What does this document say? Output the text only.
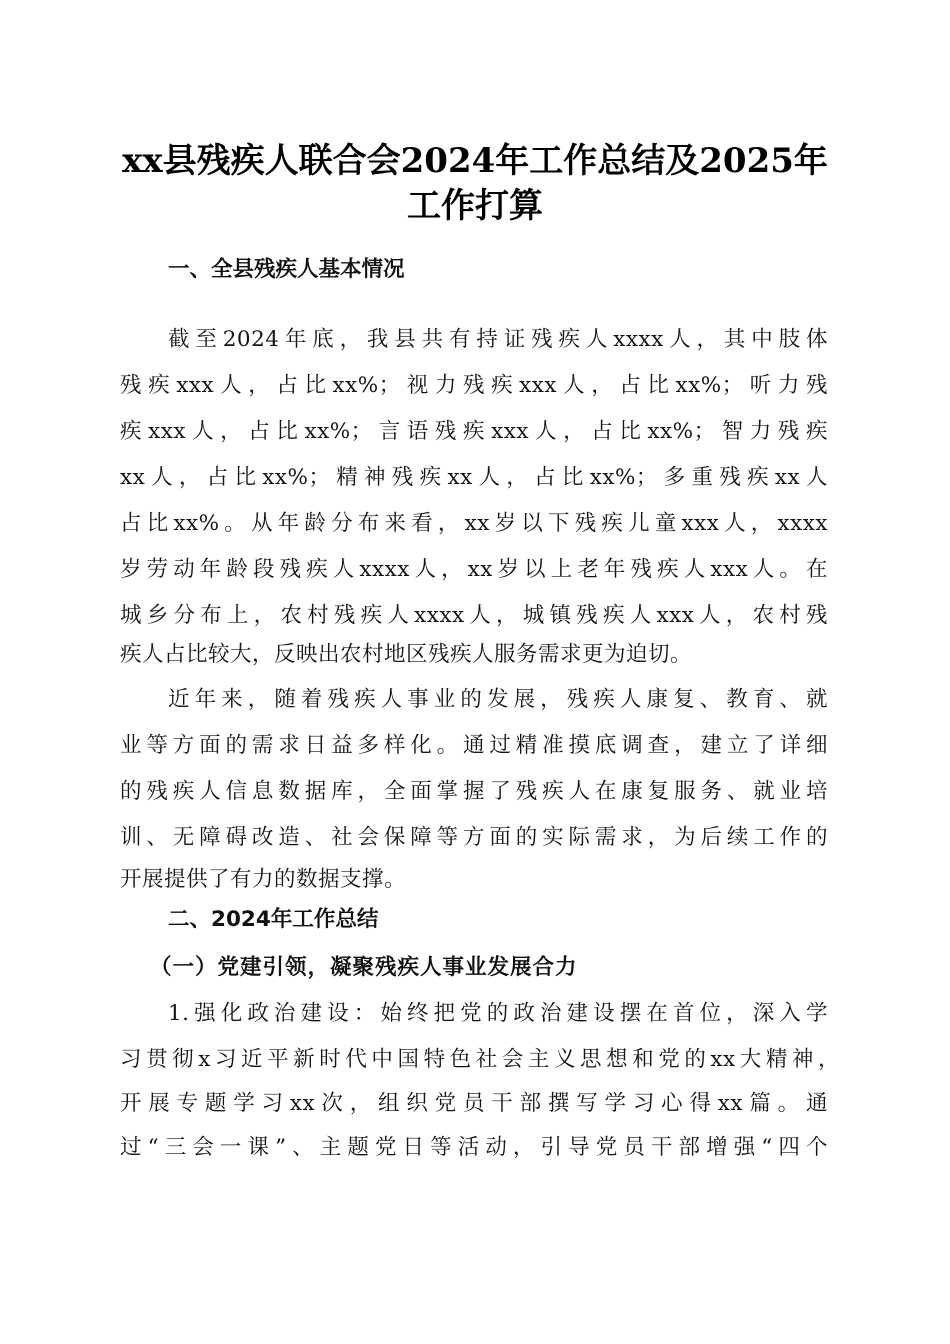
xx县残疾人联合会2024年工作总结及2025年
工作打算
一、全县残疾人基本情况
截至2024年底，我县共有持证残疾人xxxx人，其中肢体
残疾xxx人，占比xx%；视力残疾xxx人，占比xx%；听力残
疾xxx人，占比xx%；言语残疾xxx人，占比xx%；智力残疾
xx人，占比xx%；精神残疾xx人，占比xx%；多重残疾xx人
占比xx%。从年龄分布来看，xx岁以下残疾儿童xxx人，xxxx
岁劳动年龄段残疾人xxxx人，xx岁以上老年残疾人xxx人。在
城乡分布上，农村残疾人xxxx人，城镇残疾人xxx人，农村残
疾人占比较大，反映出农村地区残疾人服务需求更为迫切。
近年来，随着残疾人事业的发展，残疾人康复、教育、就
业等方面的需求日益多样化。通过精准摸底调查，建立了详细
的残疾人信息数据库，全面掌握了残疾人在康复服务、就业培
训、无障碍改造、社会保障等方面的实际需求，为后续工作的
开展提供了有力的数据支撑。
二、2024年工作总结
（一）党建引领，凝聚残疾人事业发展合力
1.强化政治建设：始终把党的政治建设摆在首位，深入学
习贯彻x习近平新时代中国特色社会主义思想和党的xx大精神，
开展专题学习xx次，组织党员干部撰写学习心得xx篇。通
过“三会一课”、主题党日等活动，引导党员干部增强“四个
